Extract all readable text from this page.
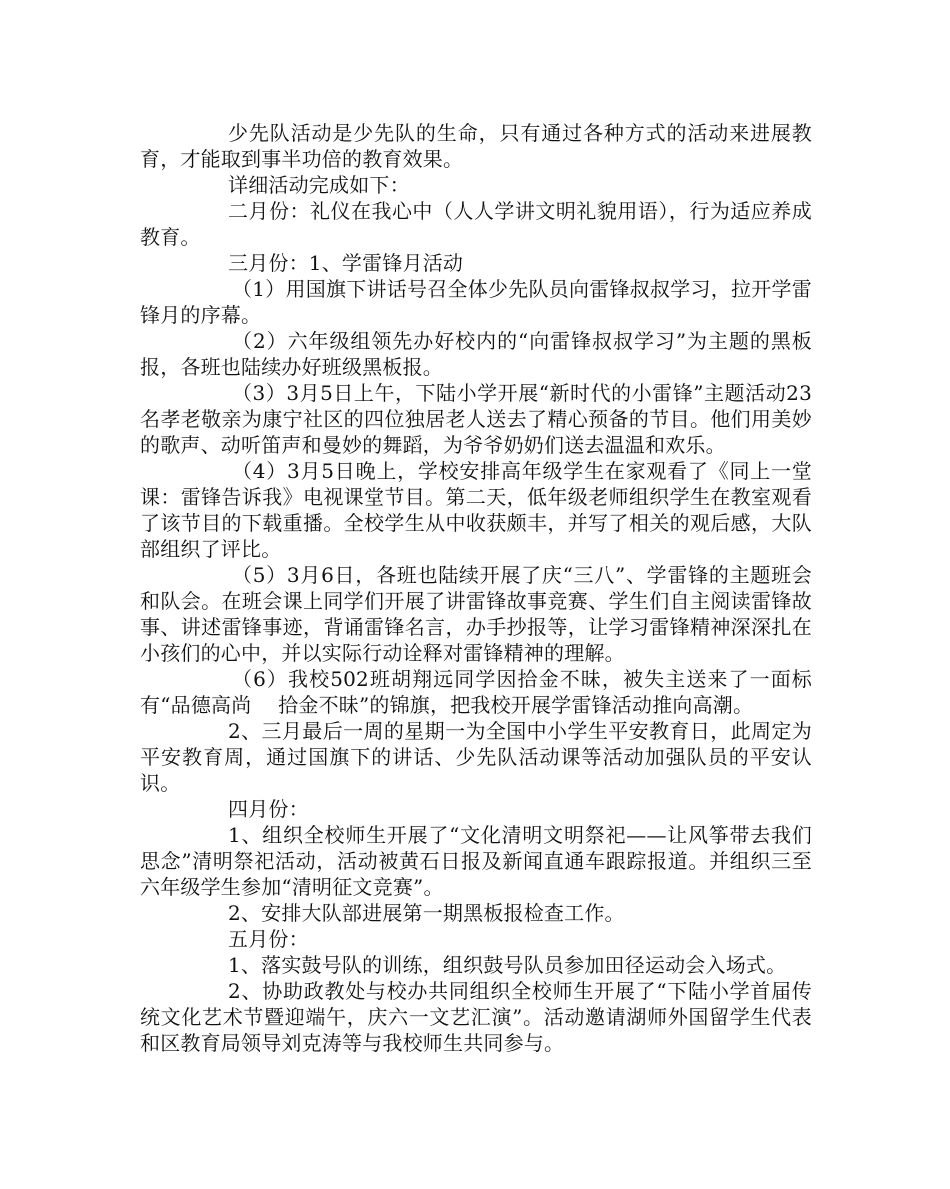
少先队活动是少先队的生命，只有通过各种方式的活动来进展教育，才能取到事半功倍的教育效果。

详细活动完成如下：

二月份：礼仪在我心中（人人学讲文明礼貌用语），行为适应养成教育。

三月份：1、学雷锋月活动

（1）用国旗下讲话号召全体少先队员向雷锋叔叔学习，拉开学雷锋月的序幕。

（2）六年级组领先办好校内的“向雷锋叔叔学习”为主题的黑板报，各班也陆续办好班级黑板报。

（3）3月5日上午，下陆小学开展“新时代的小雷锋”主题活动23名孝老敬亲为康宁社区的四位独居老人送去了精心预备的节目。他们用美妙的歌声、动听笛声和曼妙的舞蹈，为爷爷奶奶们送去温温和欢乐。

（4）3月5日晚上，学校安排高年级学生在家观看了《同上一堂课：雷锋告诉我》电视课堂节目。第二天，低年级老师组织学生在教室观看了该节目的下载重播。全校学生从中收获颇丰，并写了相关的观后感，大队部组织了评比。

（5）3月6日，各班也陆续开展了庆“三八”、学雷锋的主题班会和队会。在班会课上同学们开展了讲雷锋故事竞赛、学生们自主阅读雷锋故事、讲述雷锋事迹，背诵雷锋名言，办手抄报等，让学习雷锋精神深深扎在小孩们的心中，并以实际行动诠释对雷锋精神的理解。

（6）我校502班胡翔远同学因拾金不昧，被失主送来了一面标有“品德高尚　 拾金不昧”的锦旗，把我校开展学雷锋活动推向高潮。

2、三月最后一周的星期一为全国中小学生平安教育日，此周定为平安教育周，通过国旗下的讲话、少先队活动课等活动加强队员的平安认识。

四月份：

1、组织全校师生开展了“文化清明文明祭祀——让风筝带去我们思念”清明祭祀活动，活动被黄石日报及新闻直通车跟踪报道。并组织三至六年级学生参加“清明征文竞赛”。

2、安排大队部进展第一期黑板报检查工作。

五月份：

1、落实鼓号队的训练，组织鼓号队员参加田径运动会入场式。

2、协助政教处与校办共同组织全校师生开展了“下陆小学首届传统文化艺术节暨迎端午，庆六一文艺汇演”。活动邀请湖师外国留学生代表和区教育局领导刘克涛等与我校师生共同参与。
